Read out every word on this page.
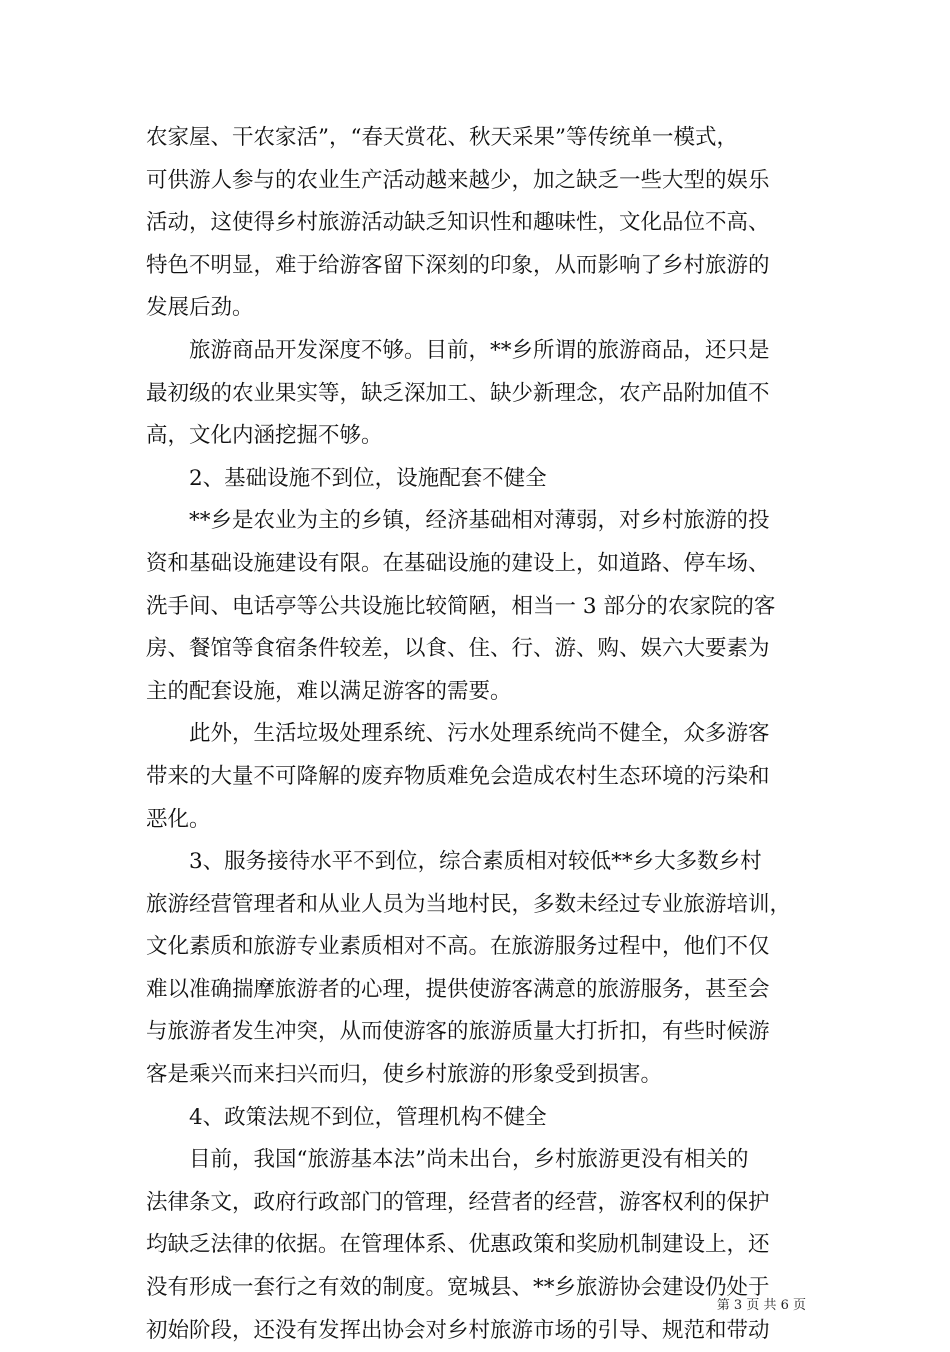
农家屋、干农家活”，“春天赏花、秋天采果”等传统单一模式，
可供游人参与的农业生产活动越来越少，加之缺乏一些大型的娱乐
活动，这使得乡村旅游活动缺乏知识性和趣味性，文化品位不高、
特色不明显，难于给游客留下深刻的印象，从而影响了乡村旅游的
发展后劲。
　　旅游商品开发深度不够。目前，**乡所谓的旅游商品，还只是
最初级的农业果实等，缺乏深加工、缺少新理念，农产品附加值不
高，文化内涵挖掘不够。
　　2、基础设施不到位，设施配套不健全
　　**乡是农业为主的乡镇，经济基础相对薄弱，对乡村旅游的投
资和基础设施建设有限。在基础设施的建设上，如道路、停车场、
洗手间、电话亭等公共设施比较简陋，相当一 3 部分的农家院的客
房、餐馆等食宿条件较差，以食、住、行、游、购、娱六大要素为
主的配套设施，难以满足游客的需要。
　　此外，生活垃圾处理系统、污水处理系统尚不健全，众多游客
带来的大量不可降解的废弃物质难免会造成农村生态环境的污染和
恶化。
　　3、服务接待水平不到位，综合素质相对较低**乡大多数乡村
旅游经营管理者和从业人员为当地村民，多数未经过专业旅游培训，
文化素质和旅游专业素质相对不高。在旅游服务过程中，他们不仅
难以准确揣摩旅游者的心理，提供使游客满意的旅游服务，甚至会
与旅游者发生冲突，从而使游客的旅游质量大打折扣，有些时候游
客是乘兴而来扫兴而归，使乡村旅游的形象受到损害。
　　4、政策法规不到位，管理机构不健全
　　目前，我国“旅游基本法”尚未出台，乡村旅游更没有相关的
法律条文，政府行政部门的管理，经营者的经营，游客权利的保护
均缺乏法律的依据。在管理体系、优惠政策和奖励机制建设上，还
没有形成一套行之有效的制度。宽城县、**乡旅游协会建设仍处于
初始阶段，还没有发挥出协会对乡村旅游市场的引导、规范和带动
第 3 页 共 6 页
